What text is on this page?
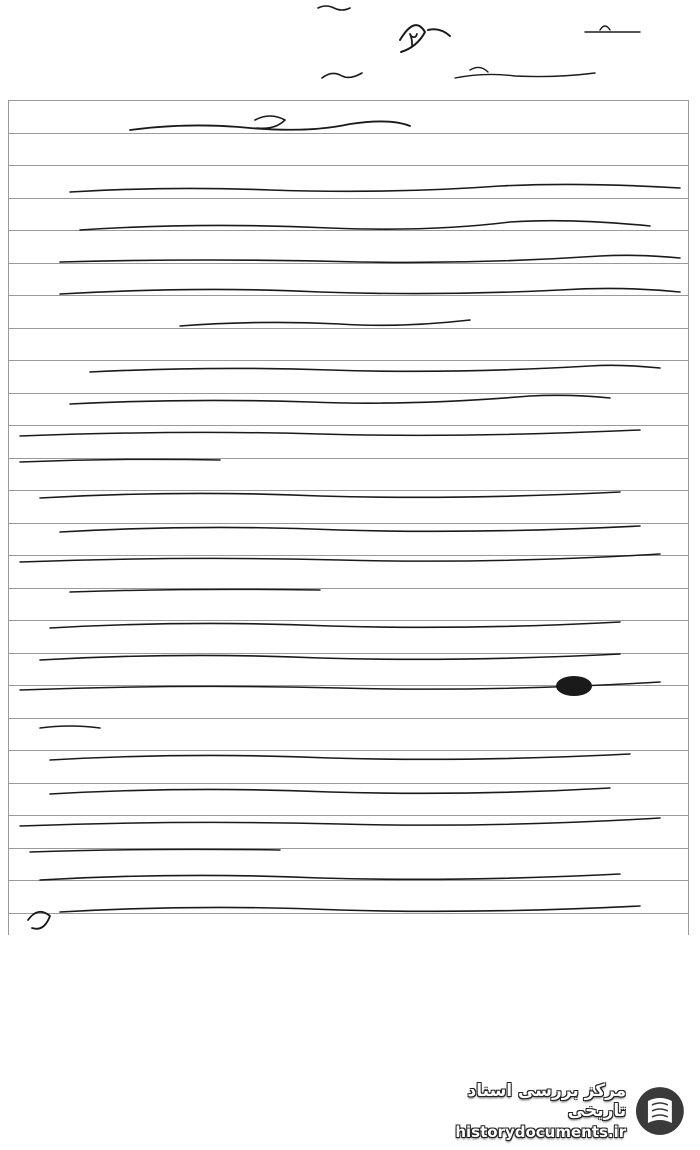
۲
مرکز بررسی اسناد تاریخی
historydocuments.ir
